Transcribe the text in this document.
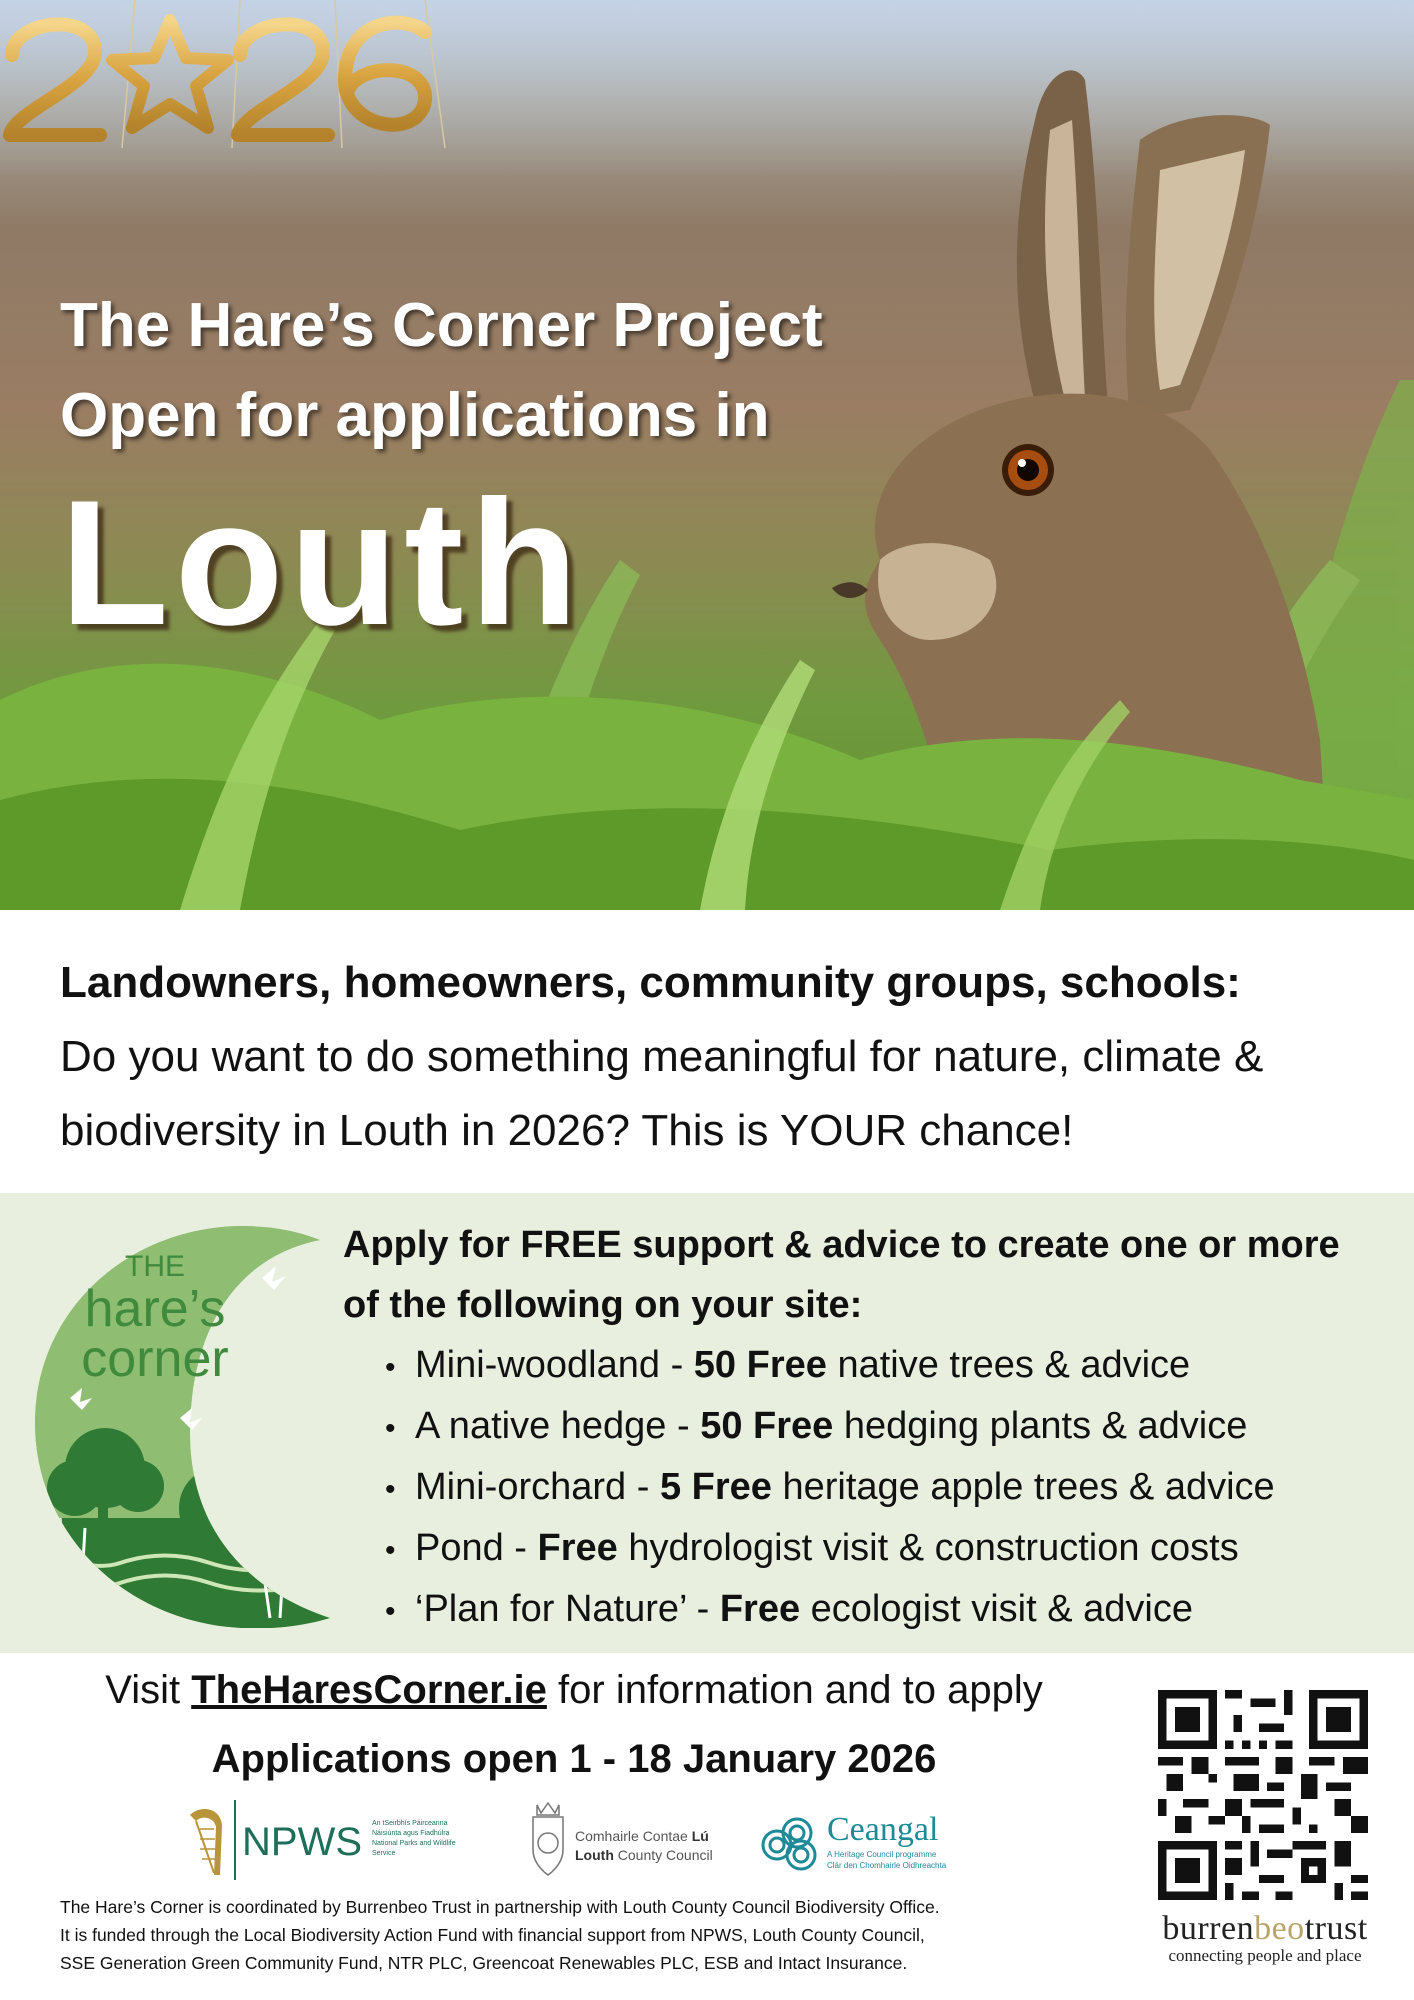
The Hare’s Corner Project
Open for applications in
Louth
Landowners, homeowners, community groups, schools:
Do you want to do something meaningful for nature, climate & biodiversity in Louth in 2026? This is YOUR chance!
THE
hare’s
corner
Apply for FREE support & advice to create one or more of the following on your site:
• Mini-woodland - 50 Free native trees & advice
• A native hedge - 50 Free hedging plants & advice
• Mini-orchard - 5 Free heritage apple trees & advice
• Pond - Free hydrologist visit & construction costs
• ‘Plan for Nature’ - Free ecologist visit & advice
Visit TheHaresCorner.ie for information and to apply
Applications open 1 - 18 January 2026
NPWS An tSeirbhís Páirceanna
Náisiúnta agus Fiadhúlra
National Parks and Wildlife
Service
Comhairle Contae Lú
Louth County Council
Ceangal
A Heritage Council programme
Clár den Chomhairle Oidhreachta
The Hare’s Corner is coordinated by Burrenbeo Trust in partnership with Louth County Council Biodiversity Office.
It is funded through the Local Biodiversity Action Fund with financial support from NPWS, Louth County Council,
SSE Generation Green Community Fund, NTR PLC, Greencoat Renewables PLC, ESB and Intact Insurance.
burrenbeotrust
connecting people and place
